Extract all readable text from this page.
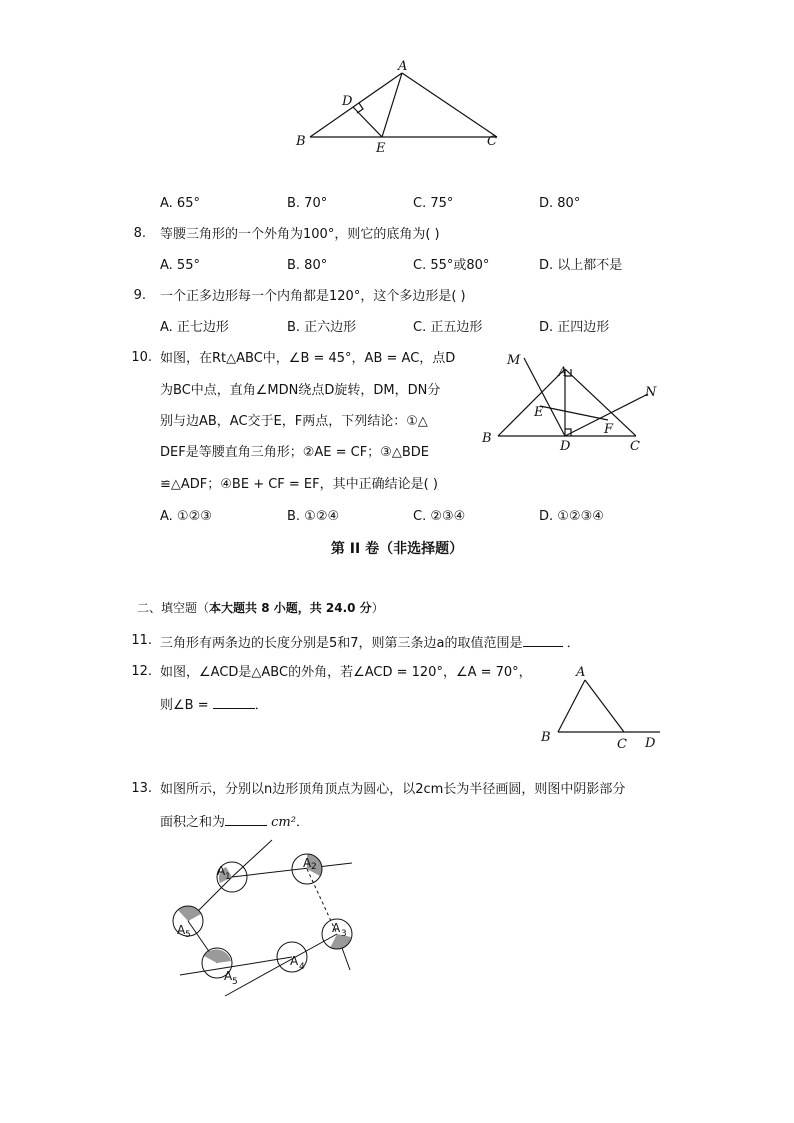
A
B	C
D
E
A. 65°	B. 70°	C. 75°	D. 80°
8. 等腰三角形的一个外角为100°，则它的底角为( )
A. 55°	B. 80°	C. 55°或80°	D. 以上都不是
9. 一个正多边形每一个内角都是120°，这个多边形是( )
A. 正七边形	B. 正六边形	C. 正五边形	D. 正四边形
10. 如图，在Rt△ABC中，∠B = 45°，AB = AC，点D
为BC中点，直角∠MDN绕点D旋转，DM，DN分
别与边AB，AC交于E，F两点，下列结论：①△
DEF是等腰直角三角形；②AE = CF；③△BDE
≌△ADF；④BE + CF = EF，其中正确结论是( )
M
N
A
B
C
D
E
F
A. ①②③	B. ①②④	C. ②③④	D. ①②③④
第 II 卷（非选择题）
二、填空题（本大题共 8 小题，共 24.0 分）
11. 三角形有两条边的长度分别是5和7，则第三条边a的取值范围是	．
12. 如图，∠ACD是△ABC的外角，若∠ACD = 120°，∠A = 70°，
则∠B =	．
A
B	C D
13. 如图所示，分别以n边形顶角顶点为圆心，以2cm长为半径画圆，则图中阴影部分
面积之和为	cm²．
A 1
A 2
A 3
A 4
A 5
A 5
